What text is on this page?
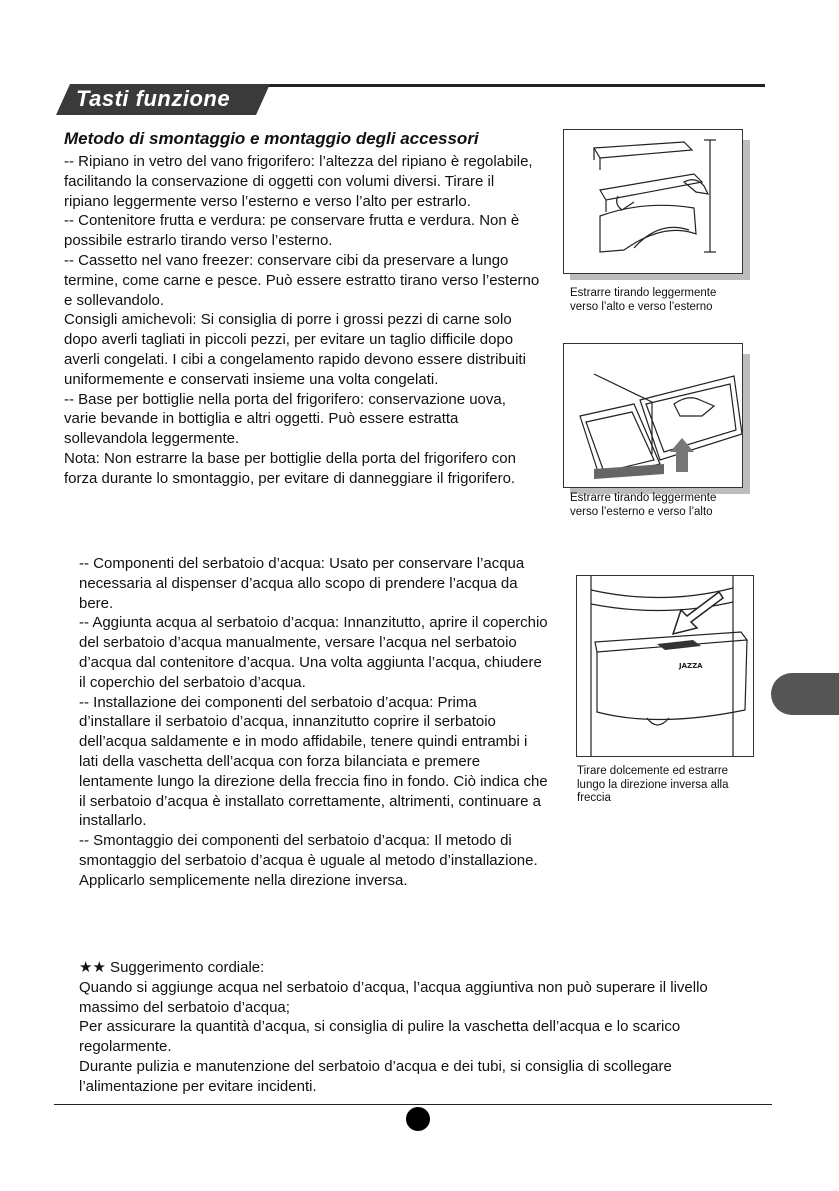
Tasti funzione
Metodo di smontaggio e montaggio degli accessori

-- Ripiano in vetro del vano frigorifero: l’altezza del ripiano è regolabile, facilitando la conservazione di oggetti con volumi diversi. Tirare il ripiano leggermente verso l’esterno e verso l’alto per estrarlo.

-- Contenitore frutta e verdura: pe conservare frutta e verdura. Non è possibile estrarlo tirando verso l’esterno.

-- Cassetto nel vano freezer: conservare cibi da preservare a lungo termine, come carne e pesce. Può essere estratto tirano verso l’esterno e sollevandolo.

Consigli amichevoli: Si consiglia di porre i grossi pezzi di carne solo dopo averli tagliati in piccoli pezzi, per evitare un taglio difficile dopo averli congelati. I cibi a congelamento rapido devono essere distribuiti uniformemente e conservati insieme una volta congelati.

-- Base per bottiglie nella porta del frigorifero: conservazione uova, varie bevande in bottiglia e altri oggetti. Può essere estratta sollevandola leggermente.

Nota: Non estrarre la base per bottiglie della porta del frigorifero con forza durante lo smontaggio, per evitare di danneggiare il frigorifero.

-- Componenti del serbatoio d’acqua: Usato per conservare l’acqua necessaria al dispenser d’acqua allo scopo di prendere l’acqua da bere.

-- Aggiunta acqua al serbatoio d’acqua: Innanzitutto, aprire il coperchio del serbatoio d’acqua manualmente, versare l’acqua nel serbatoio d’acqua dal contenitore d’acqua. Una volta aggiunta l’acqua, chiudere il coperchio del serbatoio d’acqua.

-- Installazione dei componenti del serbatoio d’acqua: Prima d’installare il serbatoio d’acqua, innanzitutto coprire il serbatoio dell’acqua saldamente e in modo affidabile, tenere quindi entrambi i lati della vaschetta dell’acqua con forza bilanciata e premere lentamente lungo la direzione della freccia fino in fondo. Ciò indica che il serbatoio d’acqua è installato correttamente, altrimenti, continuare a installarlo.

-- Smontaggio dei componenti del serbatoio d’acqua: Il metodo di smontaggio del serbatoio d’acqua è uguale al metodo d’installazione. Applicarlo semplicemente nella direzione inversa.

★★ Suggerimento cordiale:

Quando si aggiunge acqua nel serbatoio d’acqua, l’acqua aggiuntiva non può superare il livello massimo del serbatoio d’acqua;

Per assicurare la quantità d’acqua, si consiglia di pulire la vaschetta dell’acqua e lo scarico regolarmente.

Durante pulizia e manutenzione del serbatoio d’acqua e dei tubi, si consiglia di scollegare l’alimentazione per evitare incidenti.

Estrarre tirando leggermente verso l’alto e verso l’esterno
Estrarre tirando leggermente verso l’esterno e verso l’alto
JAZZA
Tirare dolcemente ed estrarre lungo la direzione inversa alla freccia
